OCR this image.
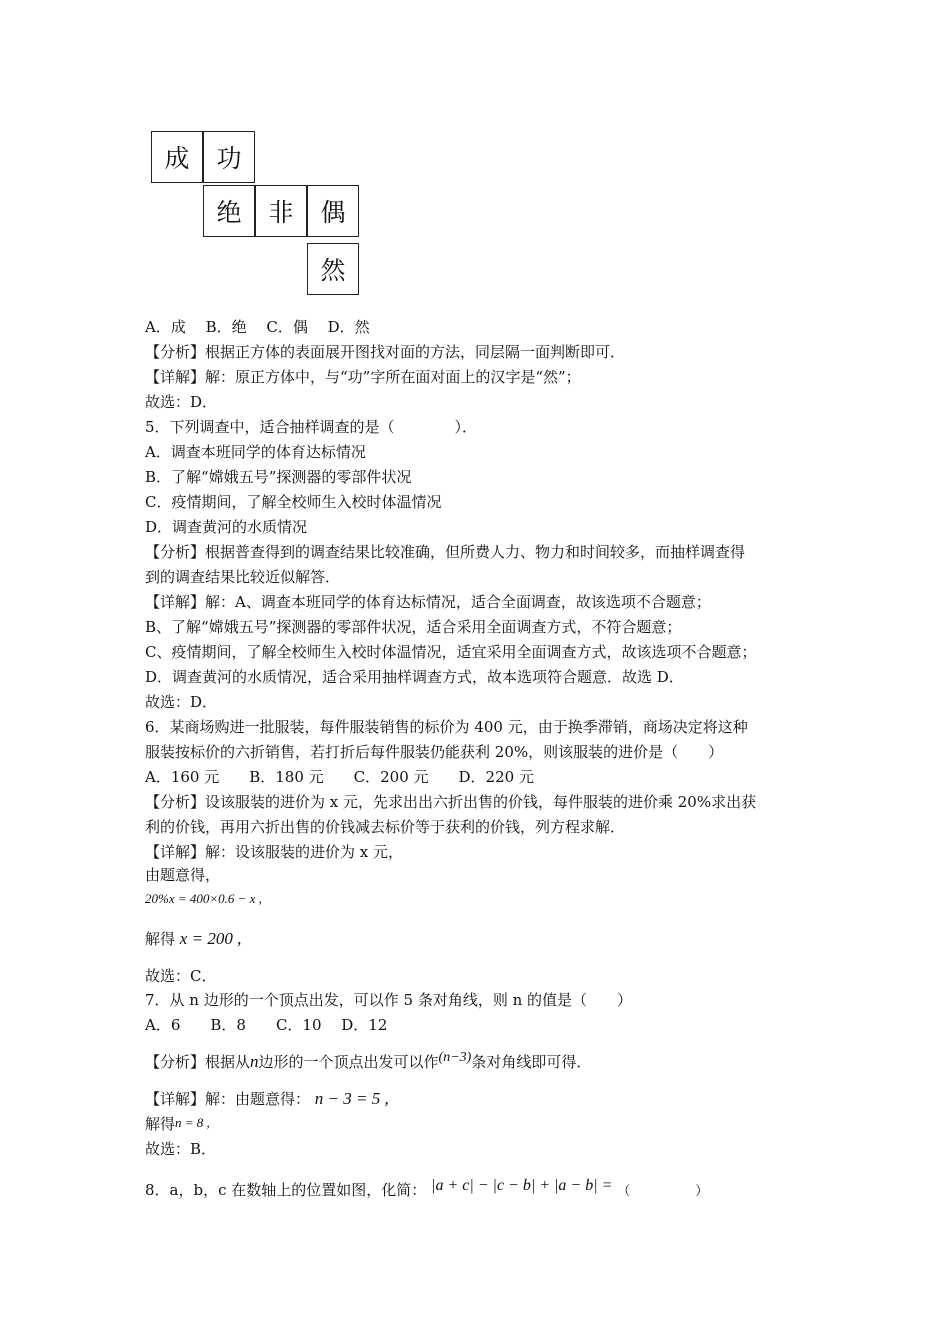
成	功
绝	非	偶
然
A．成　 B．绝　 C．偶　 D．然
【分析】根据正方体的表面展开图找对面的方法，同层隔一面判断即可．
【详解】解：原正方体中，与“功”字所在面对面上的汉字是“然”；
故选：D．
5．下列调查中，适合抽样调查的是（　　　　）．
A．调查本班同学的体育达标情况
B．了解“嫦娥五号”探测器的零部件状况
C．疫情期间，了解全校师生入校时体温情况
D．调查黄河的水质情况
【分析】根据普查得到的调查结果比较准确，但所费人力、物力和时间较多，而抽样调查得
到的调查结果比较近似解答．
【详解】解：A、调查本班同学的体育达标情况，适合全面调查，故该选项不合题意；
B、了解“嫦娥五号”探测器的零部件状况，适合采用全面调查方式，不符合题意；
C、疫情期间，了解全校师生入校时体温情况，适宜采用全面调查方式，故该选项不合题意；
D．调查黄河的水质情况，适合采用抽样调查方式，故本选项符合题意．故选 D．
故选：D．
6．某商场购进一批服装，每件服装销售的标价为 400 元，由于换季滞销，商场决定将这种
服装按标价的六折销售，若打折后每件服装仍能获利 20%，则该服装的进价是（　　）
A．160 元　　B．180 元　　C．200 元　　D．220 元
【分析】设该服装的进价为 x 元，先求出出六折出售的价钱，每件服装的进价乘 20%求出获
利的价钱，再用六折出售的价钱减去标价等于获利的价钱，列方程求解．
【详解】解：设该服装的进价为 x 元，
由题意得，
20%x = 400×0.6 − x ,
解得 x = 200 ,
故选：C．
7．从 n 边形的一个顶点出发，可以作 5 条对角线，则 n 的值是（　　）
A．6　　B．8　　C．10　 D．12
【分析】根据从n边形的一个顶点出发可以作(n−3)条对角线即可得．
【详解】解：由题意得： n − 3 = 5 ,
解得n = 8 ,
故选：B．
8．a，b，c 在数轴上的位置如图，化简： |a + c| − |c − b| + |a − b| = （　　　　　）
